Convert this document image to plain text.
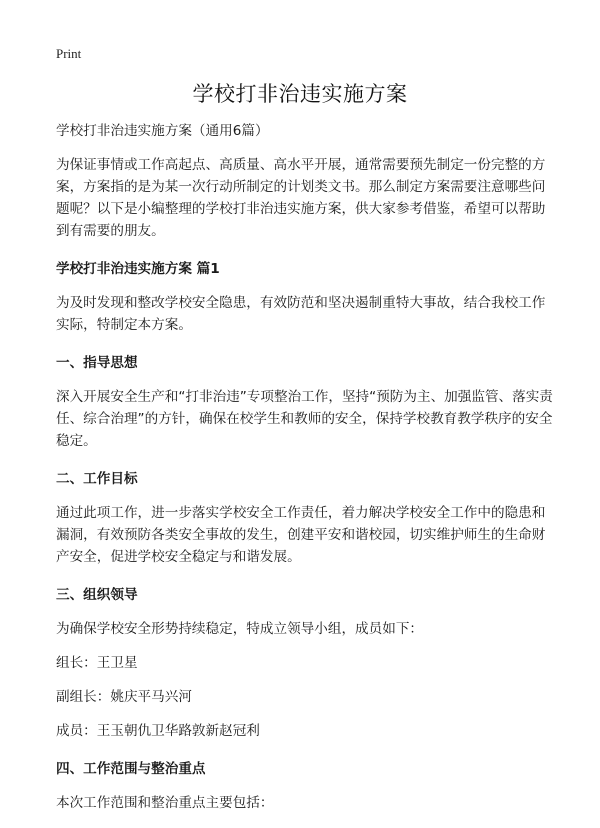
Print
学校打非治违实施方案

学校打非治违实施方案（通用6篇）

为保证事情或工作高起点、高质量、高水平开展，通常需要预先制定一份完整的方案，方案指的是为某一次行动所制定的计划类文书。那么制定方案需要注意哪些问题呢？以下是小编整理的学校打非治违实施方案，供大家参考借鉴，希望可以帮助到有需要的朋友。

学校打非治违实施方案 篇1

为及时发现和整改学校安全隐患，有效防范和坚决遏制重特大事故，结合我校工作实际，特制定本方案。

一、指导思想

深入开展安全生产和“打非治违”专项整治工作，坚持“预防为主、加强监管、落实责任、综合治理”的方针，确保在校学生和教师的安全，保持学校教育教学秩序的安全稳定。

二、工作目标

通过此项工作，进一步落实学校安全工作责任，着力解决学校安全工作中的隐患和漏洞，有效预防各类安全事故的发生，创建平安和谐校园，切实维护师生的生命财产安全，促进学校安全稳定与和谐发展。

三、组织领导

为确保学校安全形势持续稳定，特成立领导小组，成员如下：

组长：王卫星

副组长：姚庆平马兴河

成员：王玉朝仇卫华路敦新赵冠利

四、工作范围与整治重点

本次工作范围和整治重点主要包括：
